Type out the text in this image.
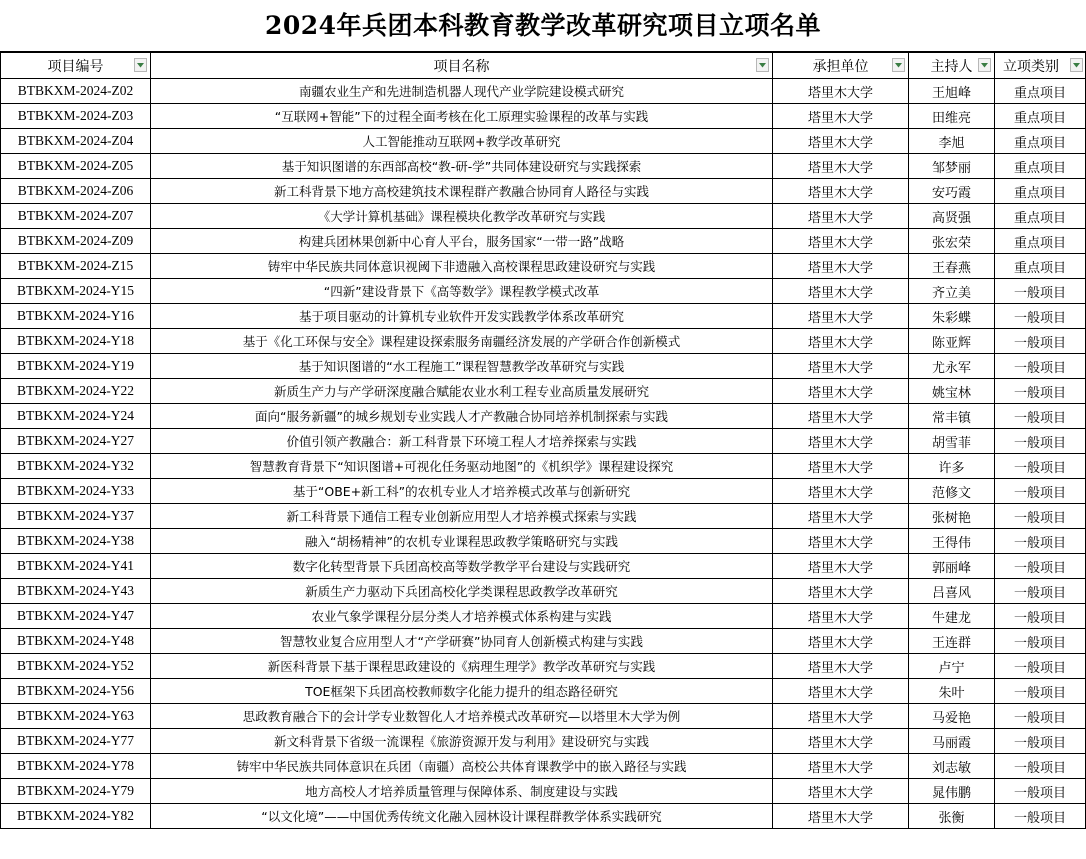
2024年兵团本科教育教学改革研究项目立项名单
项目编号	项目名称	承担单位	主持人	立项类别

BTBKXM-2024-Z02	南疆农业生产和先进制造机器人现代产业学院建设模式研究	塔里木大学	王旭峰	重点项目
BTBKXM-2024-Z03	“互联网+智能”下的过程全面考核在化工原理实验课程的改革与实践	塔里木大学	田维亮	重点项目
BTBKXM-2024-Z04	人工智能推动互联网+教学改革研究	塔里木大学	李旭	重点项目
BTBKXM-2024-Z05	基于知识图谱的东西部高校“教-研-学”共同体建设研究与实践探索	塔里木大学	邹梦丽	重点项目
BTBKXM-2024-Z06	新工科背景下地方高校建筑技术课程群产教融合协同育人路径与实践	塔里木大学	安巧霞	重点项目
BTBKXM-2024-Z07	《大学计算机基础》课程模块化教学改革研究与实践	塔里木大学	高贤强	重点项目
BTBKXM-2024-Z09	构建兵团林果创新中心育人平台，服务国家“一带一路”战略	塔里木大学	张宏荣	重点项目
BTBKXM-2024-Z15	铸牢中华民族共同体意识视阈下非遗融入高校课程思政建设研究与实践	塔里木大学	王春燕	重点项目
BTBKXM-2024-Y15	“四新”建设背景下《高等数学》课程教学模式改革	塔里木大学	齐立美	一般项目
BTBKXM-2024-Y16	基于项目驱动的计算机专业软件开发实践教学体系改革研究	塔里木大学	朱彩蝶	一般项目
BTBKXM-2024-Y18	基于《化工环保与安全》课程建设探索服务南疆经济发展的产学研合作创新模式	塔里木大学	陈亚辉	一般项目
BTBKXM-2024-Y19	基于知识图谱的“水工程施工”课程智慧教学改革研究与实践	塔里木大学	尤永军	一般项目
BTBKXM-2024-Y22	新质生产力与产学研深度融合赋能农业水利工程专业高质量发展研究	塔里木大学	姚宝林	一般项目
BTBKXM-2024-Y24	面向“服务新疆”的城乡规划专业实践人才产教融合协同培养机制探索与实践	塔里木大学	常丰镇	一般项目
BTBKXM-2024-Y27	价值引领产教融合：新工科背景下环境工程人才培养探索与实践	塔里木大学	胡雪菲	一般项目
BTBKXM-2024-Y32	智慧教育背景下“知识图谱+可视化任务驱动地图”的《机织学》课程建设探究	塔里木大学	许多	一般项目
BTBKXM-2024-Y33	基于“OBE+新工科”的农机专业人才培养模式改革与创新研究	塔里木大学	范修文	一般项目
BTBKXM-2024-Y37	新工科背景下通信工程专业创新应用型人才培养模式探索与实践	塔里木大学	张树艳	一般项目
BTBKXM-2024-Y38	融入“胡杨精神”的农机专业课程思政教学策略研究与实践	塔里木大学	王得伟	一般项目
BTBKXM-2024-Y41	数字化转型背景下兵团高校高等数学教学平台建设与实践研究	塔里木大学	郭丽峰	一般项目
BTBKXM-2024-Y43	新质生产力驱动下兵团高校化学类课程思政教学改革研究	塔里木大学	吕喜风	一般项目
BTBKXM-2024-Y47	农业气象学课程分层分类人才培养模式体系构建与实践	塔里木大学	牛建龙	一般项目
BTBKXM-2024-Y48	智慧牧业复合应用型人才“产学研赛”协同育人创新模式构建与实践	塔里木大学	王连群	一般项目
BTBKXM-2024-Y52	新医科背景下基于课程思政建设的《病理生理学》教学改革研究与实践	塔里木大学	卢宁	一般项目
BTBKXM-2024-Y56	TOE框架下兵团高校教师数字化能力提升的组态路径研究	塔里木大学	朱叶	一般项目
BTBKXM-2024-Y63	思政教育融合下的会计学专业数智化人才培养模式改革研究—以塔里木大学为例	塔里木大学	马爱艳	一般项目
BTBKXM-2024-Y77	新文科背景下省级一流课程《旅游资源开发与利用》建设研究与实践	塔里木大学	马丽霞	一般项目
BTBKXM-2024-Y78	铸牢中华民族共同体意识在兵团（南疆）高校公共体育课教学中的嵌入路径与实践	塔里木大学	刘志敏	一般项目
BTBKXM-2024-Y79	地方高校人才培养质量管理与保障体系、制度建设与实践	塔里木大学	晁伟鹏	一般项目
BTBKXM-2024-Y82	“以文化境”——中国优秀传统文化融入园林设计课程群教学体系实践研究	塔里木大学	张衡	一般项目
